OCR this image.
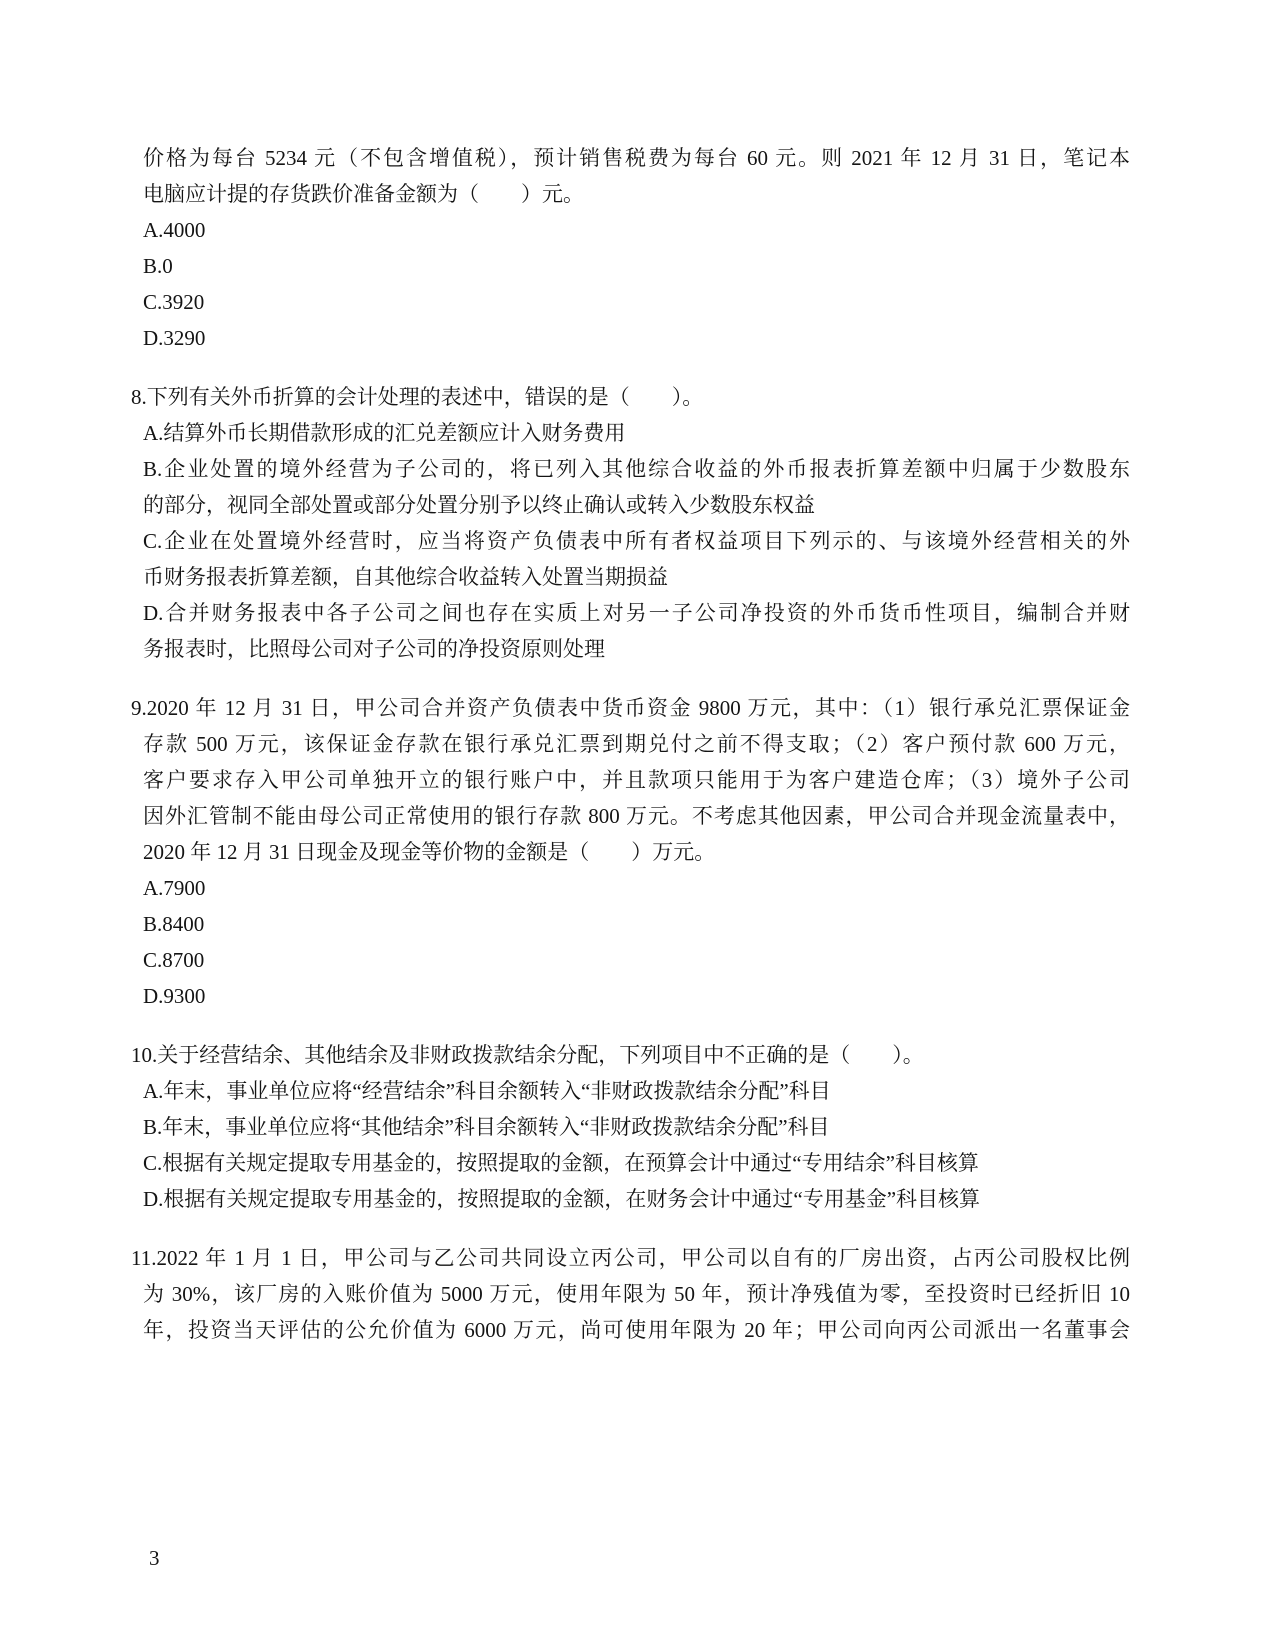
价格为每台 5234 元（不包含增值税），预计销售税费为每台 60 元。则 2021 年 12 月 31 日，笔记本

电脑应计提的存货跌价准备金额为（　　）元。

A.4000

B.0

C.3920

D.3290

8.下列有关外币折算的会计处理的表述中，错误的是（　　）。

A.结算外币长期借款形成的汇兑差额应计入财务费用

B.企业处置的境外经营为子公司的，将已列入其他综合收益的外币报表折算差额中归属于少数股东

的部分，视同全部处置或部分处置分别予以终止确认或转入少数股东权益

C.企业在处置境外经营时，应当将资产负债表中所有者权益项目下列示的、与该境外经营相关的外

币财务报表折算差额，自其他综合收益转入处置当期损益

D.合并财务报表中各子公司之间也存在实质上对另一子公司净投资的外币货币性项目，编制合并财

务报表时，比照母公司对子公司的净投资原则处理

9.2020 年 12 月 31 日，甲公司合并资产负债表中货币资金 9800 万元，其中：（1）银行承兑汇票保证金

存款 500 万元，该保证金存款在银行承兑汇票到期兑付之前不得支取；（2）客户预付款 600 万元，

客户要求存入甲公司单独开立的银行账户中，并且款项只能用于为客户建造仓库；（3）境外子公司

因外汇管制不能由母公司正常使用的银行存款 800 万元。不考虑其他因素，甲公司合并现金流量表中，

2020 年 12 月 31 日现金及现金等价物的金额是（　　）万元。

A.7900

B.8400

C.8700

D.9300

10.关于经营结余、其他结余及非财政拨款结余分配，下列项目中不正确的是（　　）。

A.年末，事业单位应将“经营结余”科目余额转入“非财政拨款结余分配”科目

B.年末，事业单位应将“其他结余”科目余额转入“非财政拨款结余分配”科目

C.根据有关规定提取专用基金的，按照提取的金额，在预算会计中通过“专用结余”科目核算

D.根据有关规定提取专用基金的，按照提取的金额，在财务会计中通过“专用基金”科目核算

11.2022 年 1 月 1 日，甲公司与乙公司共同设立丙公司，甲公司以自有的厂房出资，占丙公司股权比例

为 30%，该厂房的入账价值为 5000 万元，使用年限为 50 年，预计净残值为零，至投资时已经折旧 10

年，投资当天评估的公允价值为 6000 万元，尚可使用年限为 20 年；甲公司向丙公司派出一名董事会

3
